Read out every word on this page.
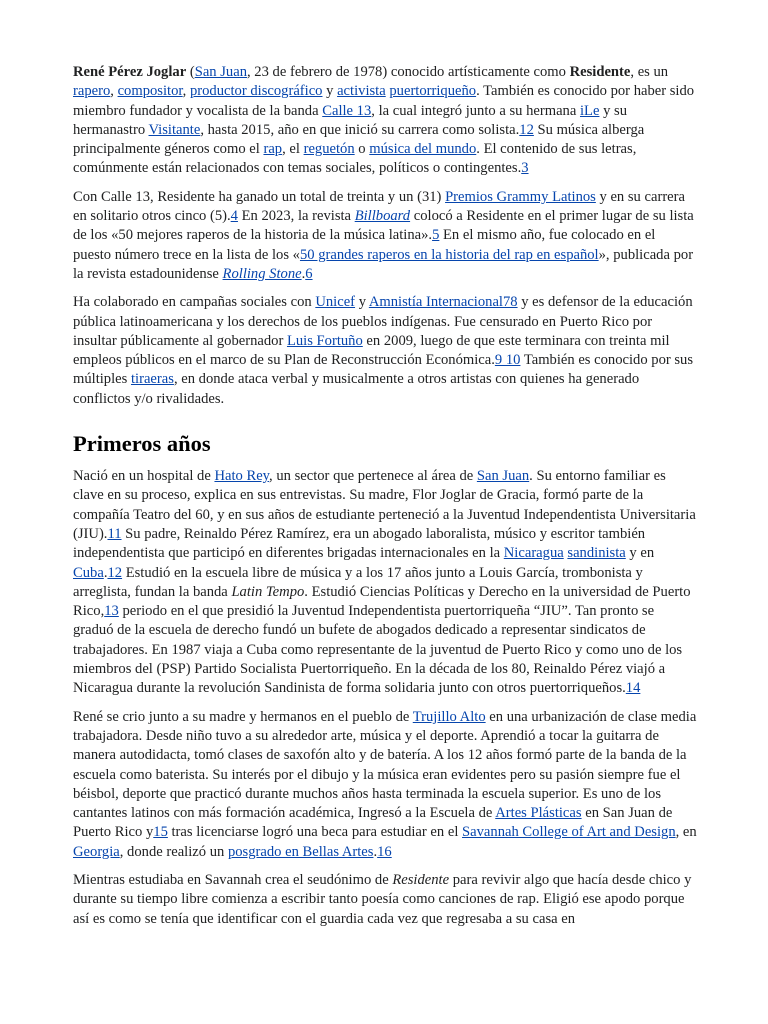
René Pérez Joglar (San Juan, 23 de febrero de 1978) conocido artísticamente como Residente, es un rapero, compositor, productor discográfico y activista puertorriqueño. También es conocido por haber sido miembro fundador y vocalista de la banda Calle 13, la cual integró junto a su hermana iLe y su hermanastro Visitante, hasta 2015, año en que inició su carrera como solista.12 Su música alberga principalmente géneros como el rap, el reguetón o música del mundo. El contenido de sus letras, comúnmente están relacionados con temas sociales, políticos o contingentes.3

Con Calle 13, Residente ha ganado un total de treinta y un (31) Premios Grammy Latinos y en su carrera en solitario otros cinco (5).4 En 2023, la revista Billboard colocó a Residente en el primer lugar de su lista de los «50 mejores raperos de la historia de la música latina».5 En el mismo año, fue colocado en el puesto número trece en la lista de los «50 grandes raperos en la historia del rap en español», publicada por la revista estadounidense Rolling Stone.6

Ha colaborado en campañas sociales con Unicef y Amnistía Internacional78 y es defensor de la educación pública latinoamericana y los derechos de los pueblos indígenas. Fue censurado en Puerto Rico por insultar públicamente al gobernador Luis Fortuño en 2009, luego de que este terminara con treinta mil empleos públicos en el marco de su Plan de Reconstrucción Económica.9 10 También es conocido por sus múltiples tiraeras, en donde ataca verbal y musicalmente a otros artistas con quienes ha generado conflictos y/o rivalidades.

Primeros años

Nació en un hospital de Hato Rey, un sector que pertenece al área de San Juan. Su entorno familiar es clave en su proceso, explica en sus entrevistas. Su madre, Flor Joglar de Gracia, formó parte de la compañía Teatro del 60, y en sus años de estudiante perteneció a la Juventud Independentista Universitaria (JIU).11 Su padre, Reinaldo Pérez Ramírez, era un abogado laboralista, músico y escritor también independentista que participó en diferentes brigadas internacionales en la Nicaragua sandinista y en Cuba.12 Estudió en la escuela libre de música y a los 17 años junto a Louis García, trombonista y arreglista, fundan la banda Latin Tempo. Estudió Ciencias Políticas y Derecho en la universidad de Puerto Rico,13 periodo en el que presidió la Juventud Independentista puertorriqueña “JIU”. Tan pronto se graduó de la escuela de derecho fundó un bufete de abogados dedicado a representar sindicatos de trabajadores. En 1987 viaja a Cuba como representante de la juventud de Puerto Rico y como uno de los miembros del (PSP) Partido Socialista Puertorriqueño. En la década de los 80, Reinaldo Pérez viajó a Nicaragua durante la revolución Sandinista de forma solidaria junto con otros puertorriqueños.14

René se crio junto a su madre y hermanos en el pueblo de Trujillo Alto en una urbanización de clase media trabajadora. Desde niño tuvo a su alrededor arte, música y el deporte. Aprendió a tocar la guitarra de manera autodidacta, tomó clases de saxofón alto y de batería. A los 12 años formó parte de la banda de la escuela como baterista. Su interés por el dibujo y la música eran evidentes pero su pasión siempre fue el béisbol, deporte que practicó durante muchos años hasta terminada la escuela superior. Es uno de los cantantes latinos con más formación académica, Ingresó a la Escuela de Artes Plásticas en San Juan de Puerto Rico y15 tras licenciarse logró una beca para estudiar en el Savannah College of Art and Design, en Georgia, donde realizó un posgrado en Bellas Artes.16

Mientras estudiaba en Savannah crea el seudónimo de Residente para revivir algo que hacía desde chico y durante su tiempo libre comienza a escribir tanto poesía como canciones de rap. Eligió ese apodo porque así es como se tenía que identificar con el guardia cada vez que regresaba a su casa en
